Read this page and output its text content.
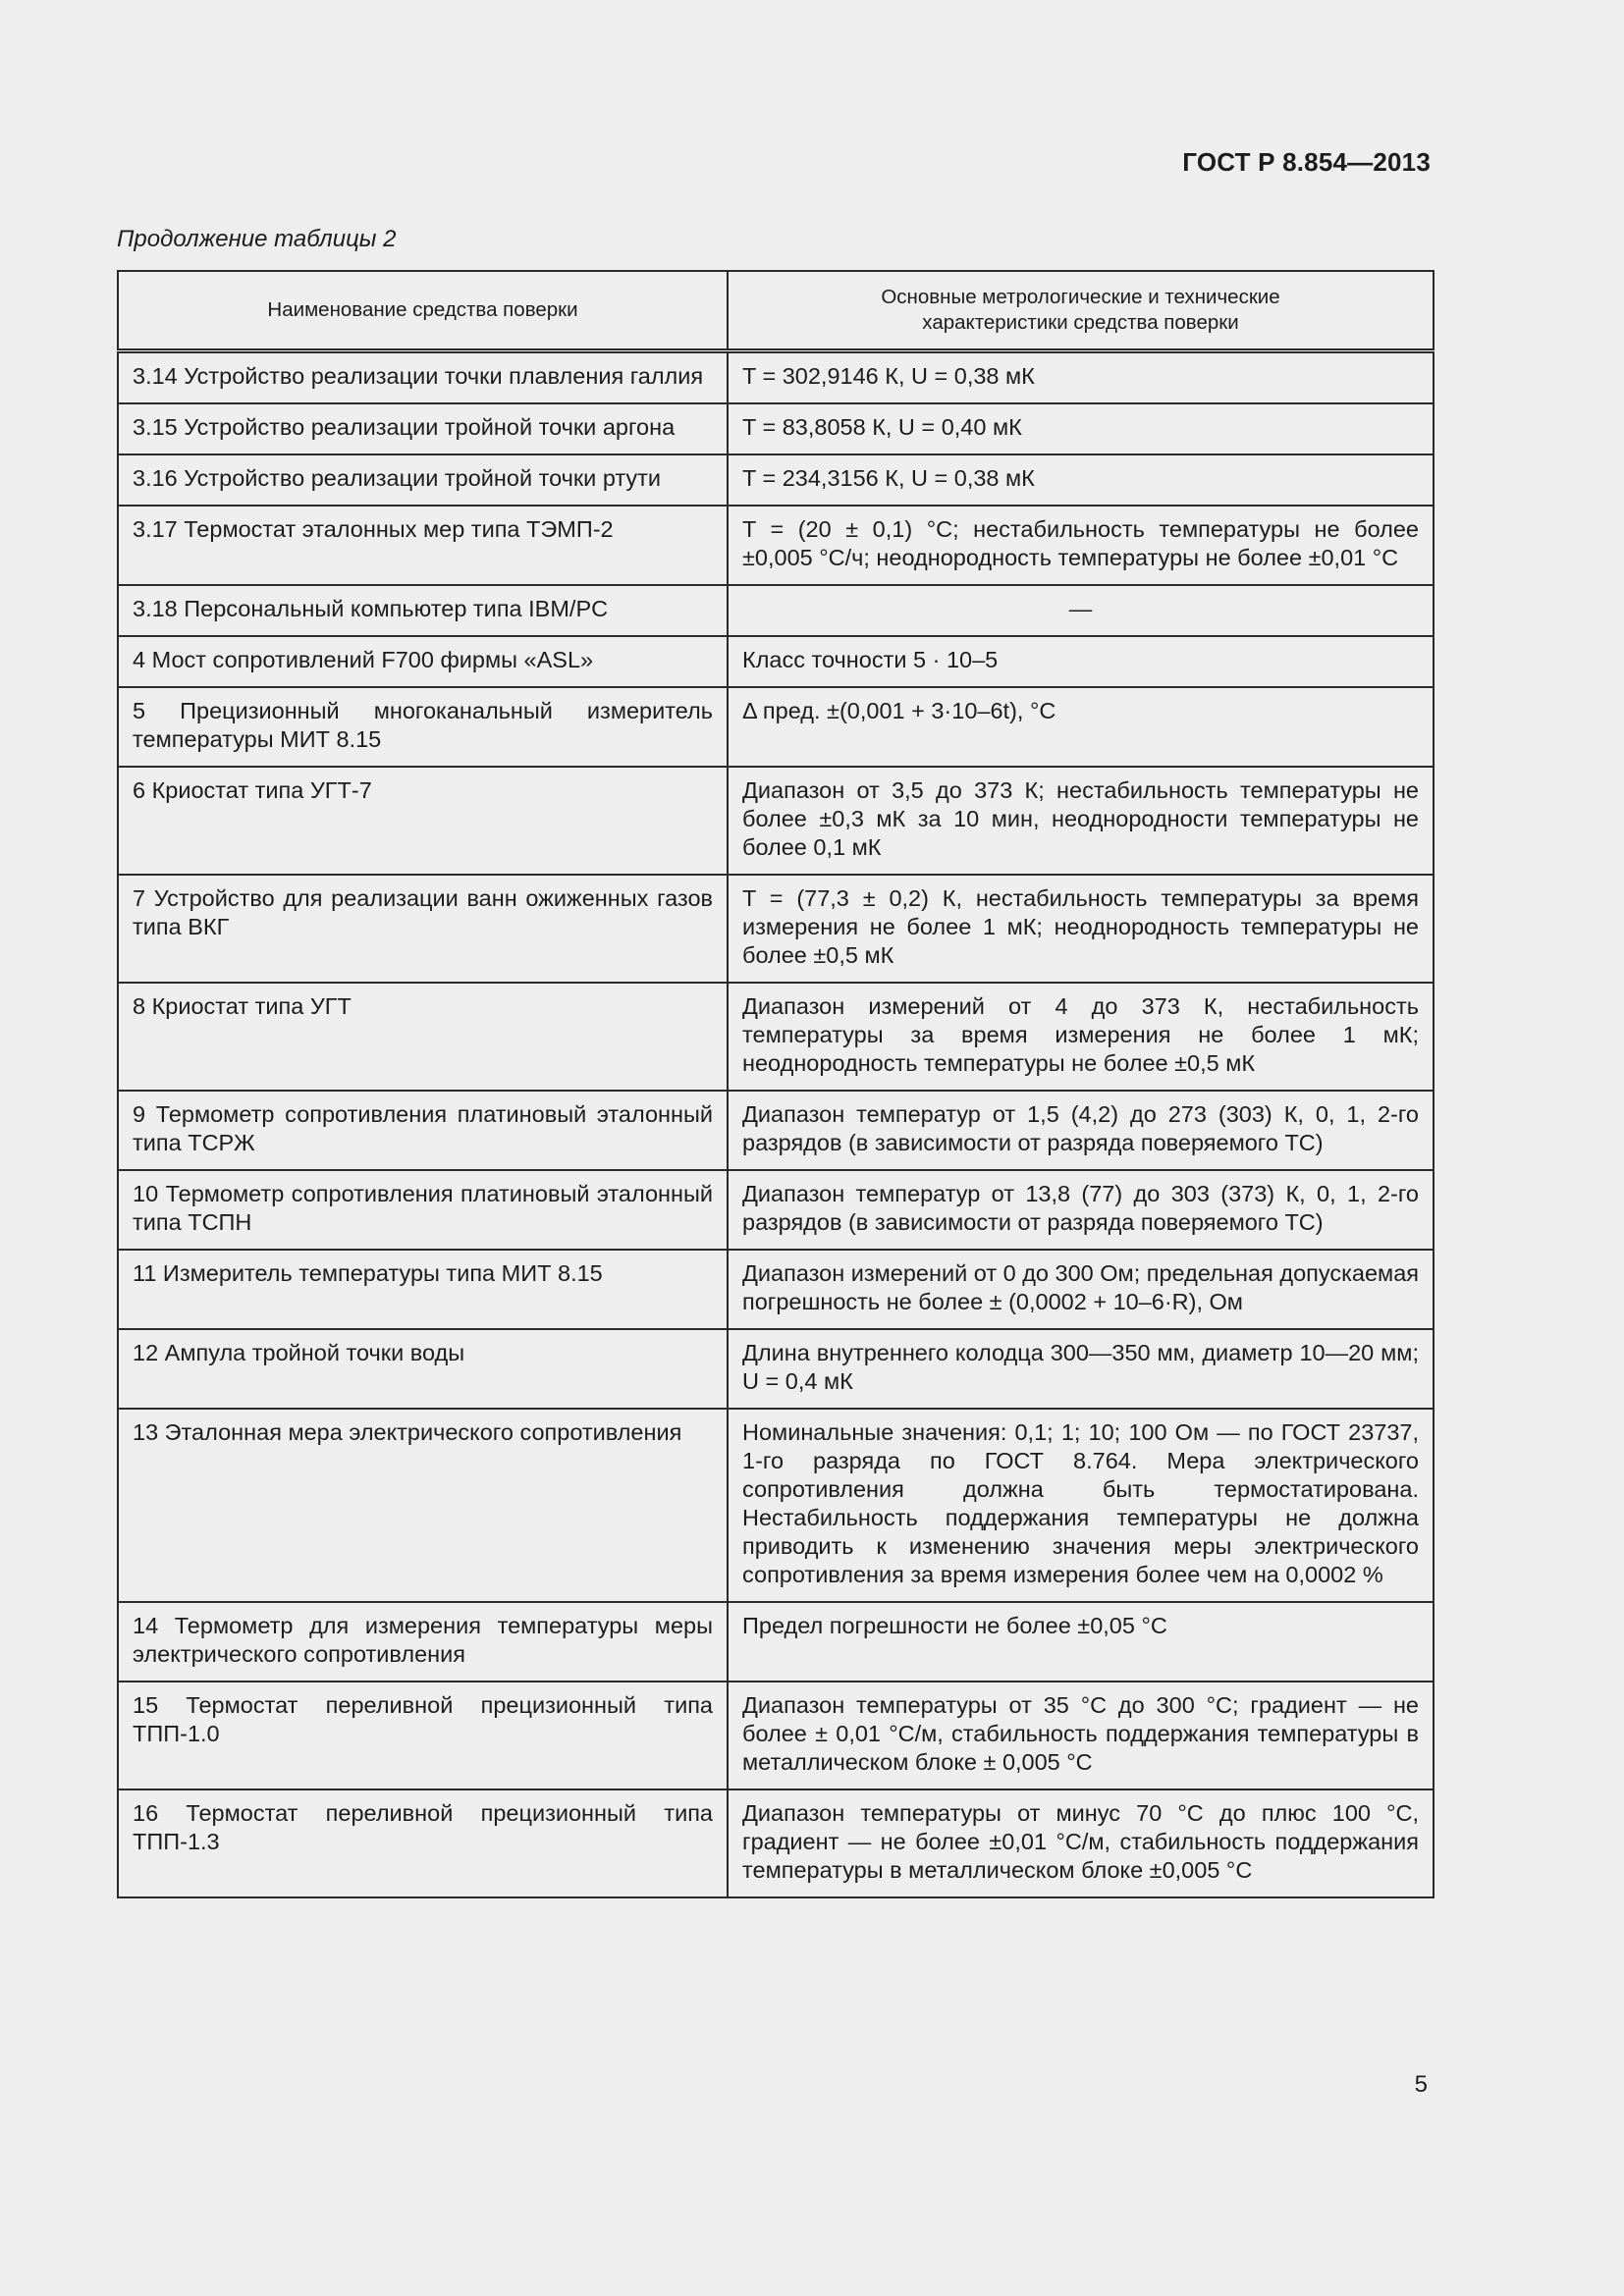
ГОСТ Р 8.854—2013
Продолжение таблицы 2
Наименование средства поверки	Основные метрологические и технические характеристики средства поверки
3.14 Устройство реализации точки плавления галлия	T = 302,9146 К, U = 0,38 мК
3.15 Устройство реализации тройной точки аргона	T = 83,8058 К, U = 0,40 мК
3.16 Устройство реализации тройной точки ртути	T = 234,3156 К, U = 0,38 мК
3.17 Термостат эталонных мер типа ТЭМП-2	T = (20 ± 0,1) °С; нестабильность температуры не более ±0,005 °С/ч; неоднородность температуры не более ±0,01 °С
3.18 Персональный компьютер типа IBM/PC	—
4 Мост сопротивлений F700 фирмы «ASL»	Класс точности 5 · 10–5
5 Прецизионный многоканальный измеритель температуры МИТ 8.15	Δ пред. ±(0,001 + 3·10–6t), °С
6 Криостат типа УГТ-7	Диапазон от 3,5 до 373 К; нестабильность температуры не более ±0,3 мК за 10 мин, неоднородности температуры не более 0,1 мК
7 Устройство для реализации ванн ожиженных газов типа ВКГ	T = (77,3 ± 0,2) К, нестабильность температуры за время измерения не более 1 мК; неоднородность температуры не более ±0,5 мК
8 Криостат типа УГТ	Диапазон измерений от 4 до 373 К, нестабильность температуры за время измерения не более 1 мК; неоднородность температуры не более ±0,5 мК
9 Термометр сопротивления платиновый эталонный типа ТСРЖ	Диапазон температур от 1,5 (4,2) до 273 (303) К, 0, 1, 2-го разрядов (в зависимости от разряда поверяемого ТС)
10 Термометр сопротивления платиновый эталонный типа ТСПН	Диапазон температур от 13,8 (77) до 303 (373) К, 0, 1, 2-го разрядов (в зависимости от разряда поверяемого ТС)
11 Измеритель температуры типа МИТ 8.15	Диапазон измерений от 0 до 300 Ом; предельная допускаемая погрешность не более ± (0,0002 + 10–6·R), Ом
12 Ампула тройной точки воды	Длина внутреннего колодца 300—350 мм, диаметр 10—20 мм; U = 0,4 мК
13 Эталонная мера электрического сопротивления	Номинальные значения: 0,1; 1; 10; 100 Ом — по ГОСТ 23737, 1-го разряда по ГОСТ 8.764. Мера электрического сопротивления должна быть термостатирована. Нестабильность поддержания температуры не должна приводить к изменению значения меры электрического сопротивления за время измерения более чем на 0,0002 %
14 Термометр для измерения температуры меры электрического сопротивления	Предел погрешности не более ±0,05 °С
15 Термостат переливной прецизионный типа ТПП-1.0	Диапазон температуры от 35 °С до 300 °С; градиент — не более ± 0,01 °С/м, стабильность поддержания температуры в металлическом блоке ± 0,005 °С
16 Термостат переливной прецизионный типа ТПП-1.3	Диапазон температуры от минус 70 °С до плюс 100 °С, градиент — не более ±0,01 °С/м, стабильность поддержания температуры в металлическом блоке ±0,005 °С
5
